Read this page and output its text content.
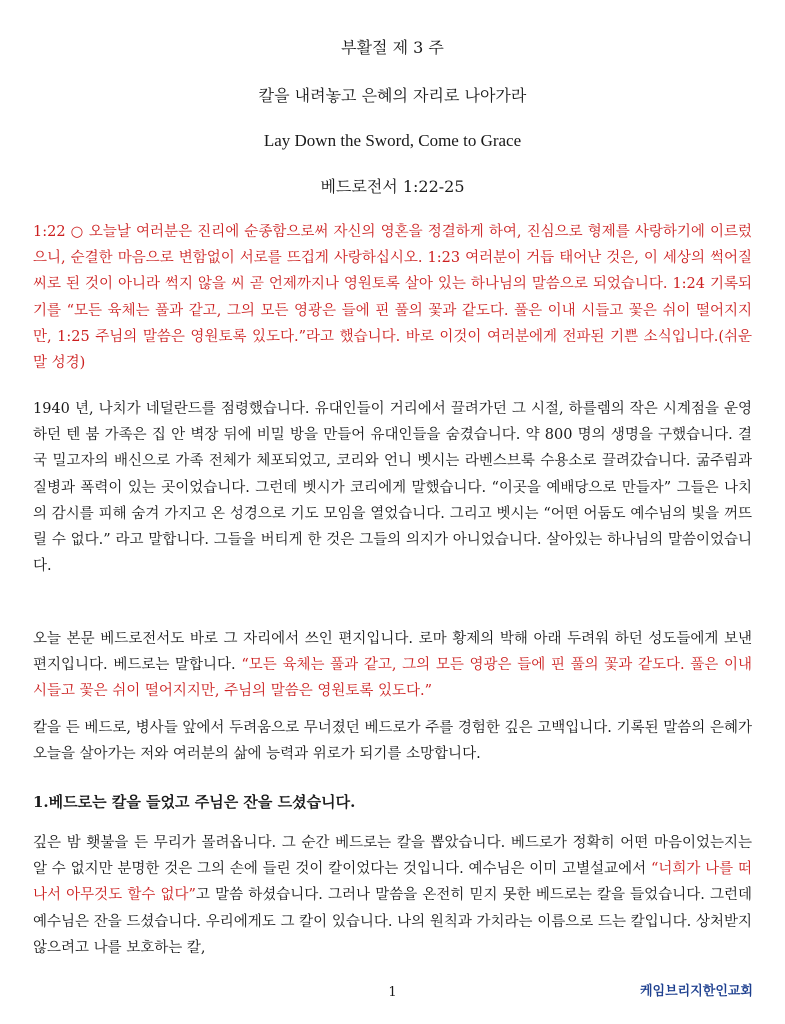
부활절 제 3 주
칼을 내려놓고 은혜의 자리로 나아가라
Lay Down the Sword, Come to Grace
베드로전서 1:22-25
1:22 ○ 오늘날 여러분은 진리에 순종함으로써 자신의 영혼을 정결하게 하여, 진심으로 형제를 사랑하기에 이르렀으니, 순결한 마음으로 변함없이 서로를 뜨겁게 사랑하십시오. 1:23 여러분이 거듭 태어난 것은, 이 세상의 썩어질 씨로 된 것이 아니라 썩지 않을 씨 곧 언제까지나 영원토록 살아 있는 하나님의 말씀으로 되었습니다. 1:24 기록되기를 “모든 육체는 풀과 같고, 그의 모든 영광은 들에 핀 풀의 꽃과 같도다. 풀은 이내 시들고 꽃은 쉬이 떨어지지만, 1:25 주님의 말씀은 영원토록 있도다.”라고 했습니다. 바로 이것이 여러분에게 전파된 기쁜 소식입니다.(쉬운말 성경)
1940 년, 나치가 네덜란드를 점령했습니다. 유대인들이 거리에서 끌려가던 그 시절, 하를렘의 작은 시계점을 운영하던 텐 붐 가족은 집 안 벽장 뒤에 비밀 방을 만들어 유대인들을 숨겼습니다. 약 800 명의 생명을 구했습니다. 결국 밀고자의 배신으로 가족 전체가 체포되었고, 코리와 언니 벳시는 라벤스브룩 수용소로 끌려갔습니다. 굶주림과 질병과 폭력이 있는 곳이었습니다. 그런데 벳시가 코리에게 말했습니다. “이곳을 예배당으로 만들자” 그들은 나치의 감시를 피해 숨겨 가지고 온 성경으로 기도 모임을 열었습니다. 그리고 벳시는 “어떤 어둠도 예수님의 빛을 꺼뜨릴 수 없다.” 라고 말합니다. 그들을 버티게 한 것은 그들의 의지가 아니었습니다. 살아있는 하나님의 말씀이었습니다.
오늘 본문 베드로전서도 바로 그 자리에서 쓰인 편지입니다. 로마 황제의 박해 아래 두려워 하던 성도들에게 보낸 편지입니다. 베드로는 말합니다. “모든 육체는 풀과 같고, 그의 모든 영광은 들에 핀 풀의 꽃과 같도다. 풀은 이내 시들고 꽃은 쉬이 떨어지지만, 주님의 말씀은 영원토록 있도다.”
칼을 든 베드로, 병사들 앞에서 두려움으로 무너졌던 베드로가 주를 경험한 깊은 고백입니다. 기록된 말씀의 은혜가 오늘을 살아가는 저와 여러분의 삶에 능력과 위로가 되기를 소망합니다.
1.베드로는 칼을 들었고 주님은 잔을 드셨습니다.
깊은 밤 횃불을 든 무리가 몰려옵니다. 그 순간 베드로는 칼을 뽑았습니다. 베드로가 정확히 어떤 마음이었는지는 알 수 없지만 분명한 것은 그의 손에 들린 것이 칼이었다는 것입니다. 예수님은 이미 고별설교에서 “너희가 나를 떠나서 아무것도 할수 없다”고 말씀 하셨습니다. 그러나 말씀을 온전히 믿지 못한 베드로는 칼을 들었습니다. 그런데 예수님은 잔을 드셨습니다. 우리에게도 그 칼이 있습니다. 나의 원칙과 가치라는 이름으로 드는 칼입니다. 상처받지 않으려고 나를 보호하는 칼,
1	케임브리지한인교회
